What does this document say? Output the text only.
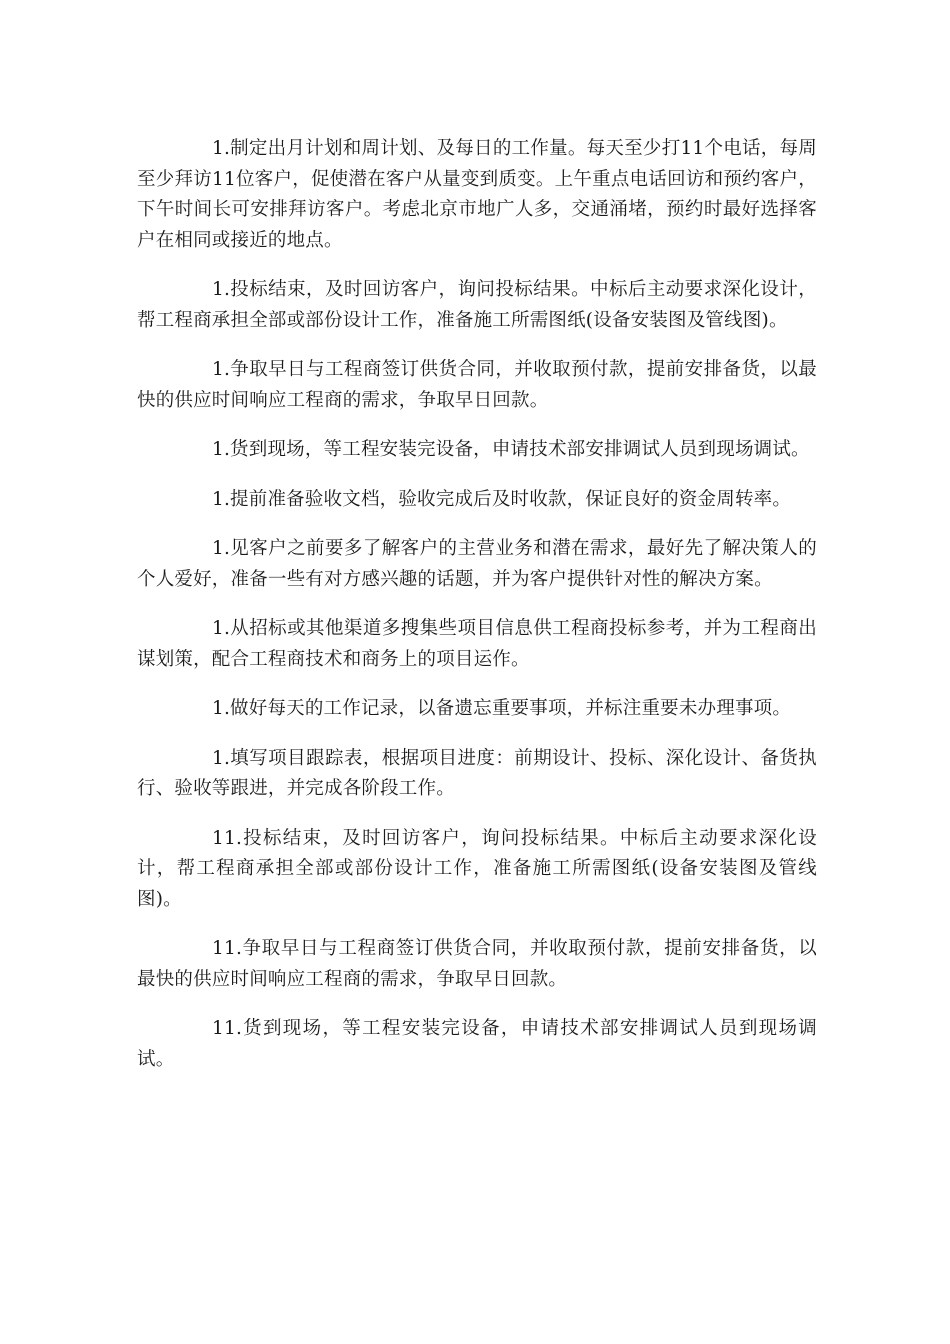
1.制定出月计划和周计划、及每日的工作量。每天至少打11个电话，每周至少拜访11位客户，促使潜在客户从量变到质变。上午重点电话回访和预约客户，下午时间长可安排拜访客户。考虑北京市地广人多，交通涌堵，预约时最好选择客户在相同或接近的地点。

1.投标结束，及时回访客户，询问投标结果。中标后主动要求深化设计，帮工程商承担全部或部份设计工作，准备施工所需图纸(设备安装图及管线图)。

1.争取早日与工程商签订供货合同，并收取预付款，提前安排备货，以最快的供应时间响应工程商的需求，争取早日回款。

1.货到现场，等工程安装完设备，申请技术部安排调试人员到现场调试。

1.提前准备验收文档，验收完成后及时收款，保证良好的资金周转率。

1.见客户之前要多了解客户的主营业务和潜在需求，最好先了解决策人的个人爱好，准备一些有对方感兴趣的话题，并为客户提供针对性的解决方案。

1.从招标或其他渠道多搜集些项目信息供工程商投标参考，并为工程商出谋划策，配合工程商技术和商务上的项目运作。

1.做好每天的工作记录，以备遗忘重要事项，并标注重要未办理事项。

1.填写项目跟踪表，根据项目进度：前期设计、投标、深化设计、备货执行、验收等跟进，并完成各阶段工作。

11.投标结束，及时回访客户，询问投标结果。中标后主动要求深化设计，帮工程商承担全部或部份设计工作，准备施工所需图纸(设备安装图及管线图)。

11.争取早日与工程商签订供货合同，并收取预付款，提前安排备货，以最快的供应时间响应工程商的需求，争取早日回款。

11.货到现场，等工程安装完设备，申请技术部安排调试人员到现场调试。
